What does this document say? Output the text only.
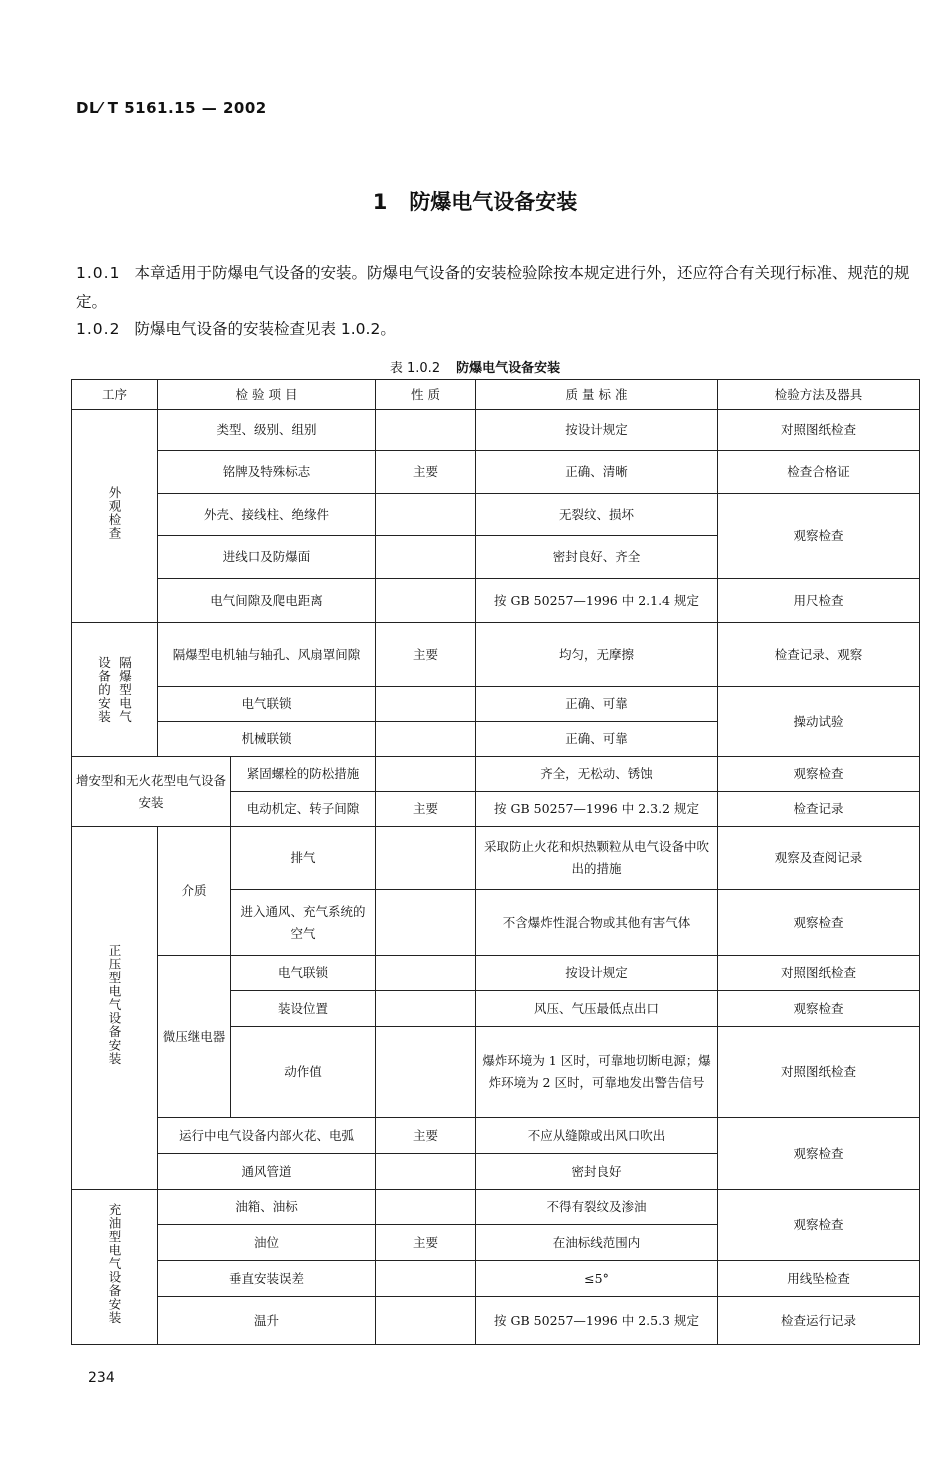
DL⁄ T 5161.15 — 2002
1 防爆电气设备安装
1.0.1 本章适用于防爆电气设备的安装。防爆电气设备的安装检验除按本规定进行外，还应符合有关现行标准、规范的规定。
1.0.2 防爆电气设备的安装检查见表 1.0.2。
表 1.0.2 防爆电气设备安装
工序	检 验 项 目		性 质	质 量 标 准	检验方法及器具
外观检查	类型、级别、组别			按设计规定	对照图纸检查
	铭牌及特殊标志		主要	正确、清晰	检查合格证
	外壳、接线柱、绝缘件			无裂纹、损坏	观察检查
	进线口及防爆面			密封良好、齐全	
	电气间隙及爬电距离			按 GB 50257—1996 中 2.1.4 规定	用尺检查

设备的安装 隔爆型电气	隔爆型电机轴与轴孔、风扇罩间隙		主要	均匀，无摩擦	检查记录、观察
	电气联锁			正确、可靠	操动试验
	机械联锁			正确、可靠	
增安型和无火花型电气设备安装		紧固螺栓的防松措施		齐全，无松动、锈蚀	观察检查
		电动机定、转子间隙	主要	按 GB 50257—1996 中 2.3.2 规定	检查记录
正压型电气设备安装	介质	排气		采取防止火花和炽热颗粒从电气设备中吹出的措施	观察及查阅记录
		进入通风、充气系统的空气		不含爆炸性混合物或其他有害气体	观察检查
	微压继电器	电气联锁		按设计规定	对照图纸检查
		装设位置		风压、气压最低点出口	观察检查
		动作值		爆炸环境为 1 区时，可靠地切断电源；爆炸环境为 2 区时，可靠地发出警告信号	对照图纸检查
	运行中电气设备内部火花、电弧		主要	不应从缝隙或出风口吹出	观察检查
	通风管道			密封良好	
充油型电气设备安装	油箱、油标			不得有裂纹及渗油	观察检查
	油位		主要	在油标线范围内	
	垂直安装误差			≤5°	用线坠检查
	温升			按 GB 50257—1996 中 2.5.3 规定	检查运行记录
234
